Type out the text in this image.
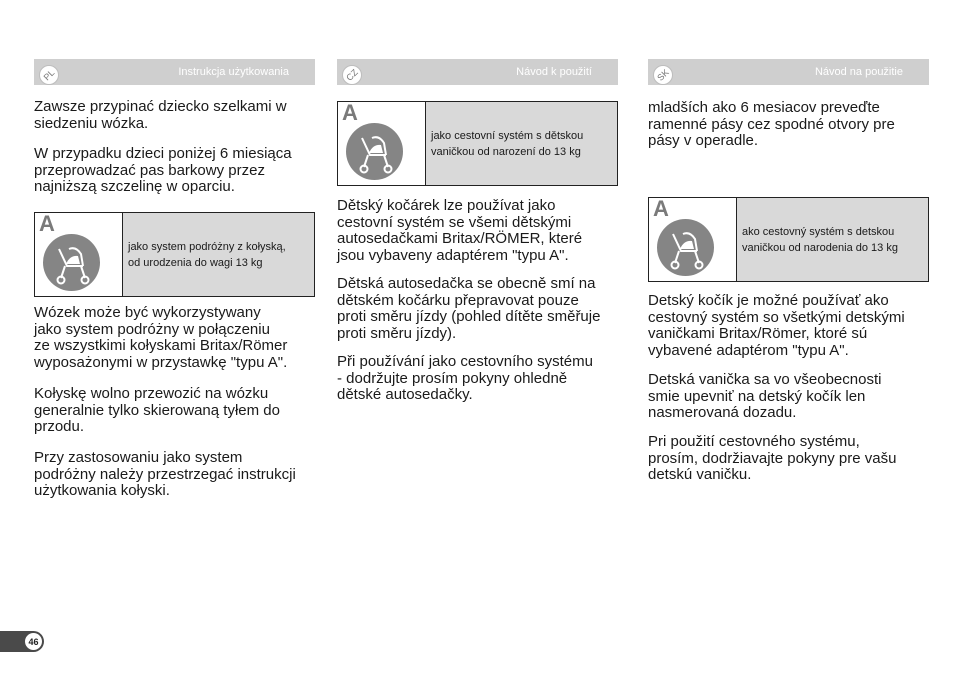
PL	Instrukcja użytkowania

Zawsze przypinać dziecko szelkami w
siedzeniu wózka.

W przypadku dzieci poniżej 6 miesiąca
przeprowadzać pas barkowy przez
najniższą szczelinę w oparciu.

A
jako system podróżny z kołyską,
od urodzenia do wagi 13 kg

Wózek może być wykorzystywany
jako system podróżny w połączeniu
ze wszystkimi kołyskami Britax/Römer
wyposażonymi w przystawkę "typu A".

Kołyskę wolno przewozić na wózku
generalnie tylko skierowaną tyłem do
przodu.

Przy zastosowaniu jako system
podróżny należy przestrzegać instrukcji
użytkowania kołyski.

CZ	Návod k použití
A
jako cestovní systém s dětskou
vaničkou od narození do 13 kg

Dětský kočárek lze používat jako
cestovní systém se všemi dětskými
autosedačkami Britax/RÖMER, které
jsou vybaveny adaptérem "typu A".

Dětská autosedačka se obecně smí na
dětském kočárku přepravovat pouze
proti směru jízdy (pohled dítěte směřuje
proti směru jízdy).

Při používání jako cestovního systému
- dodržujte prosím pokyny ohledně
dětské autosedačky.

SK	Návod na použitie

mladších ako 6 mesiacov preveďte
ramenné pásy cez spodné otvory pre
pásy v operadle.

A
ako cestovný systém s detskou
vaničkou od narodenia do 13 kg

Detský kočík je možné používať ako
cestovný systém so všetkými detskými
vaničkami Britax/Römer, ktoré sú
vybavené adaptérom "typu A".

Detská vanička sa vo všeobecnosti
smie upevniť na detský kočík len
nasmerovaná dozadu.

Pri použití cestovného systému,
prosím, dodržiavajte pokyny pre vašu
detskú vaničku.

46
